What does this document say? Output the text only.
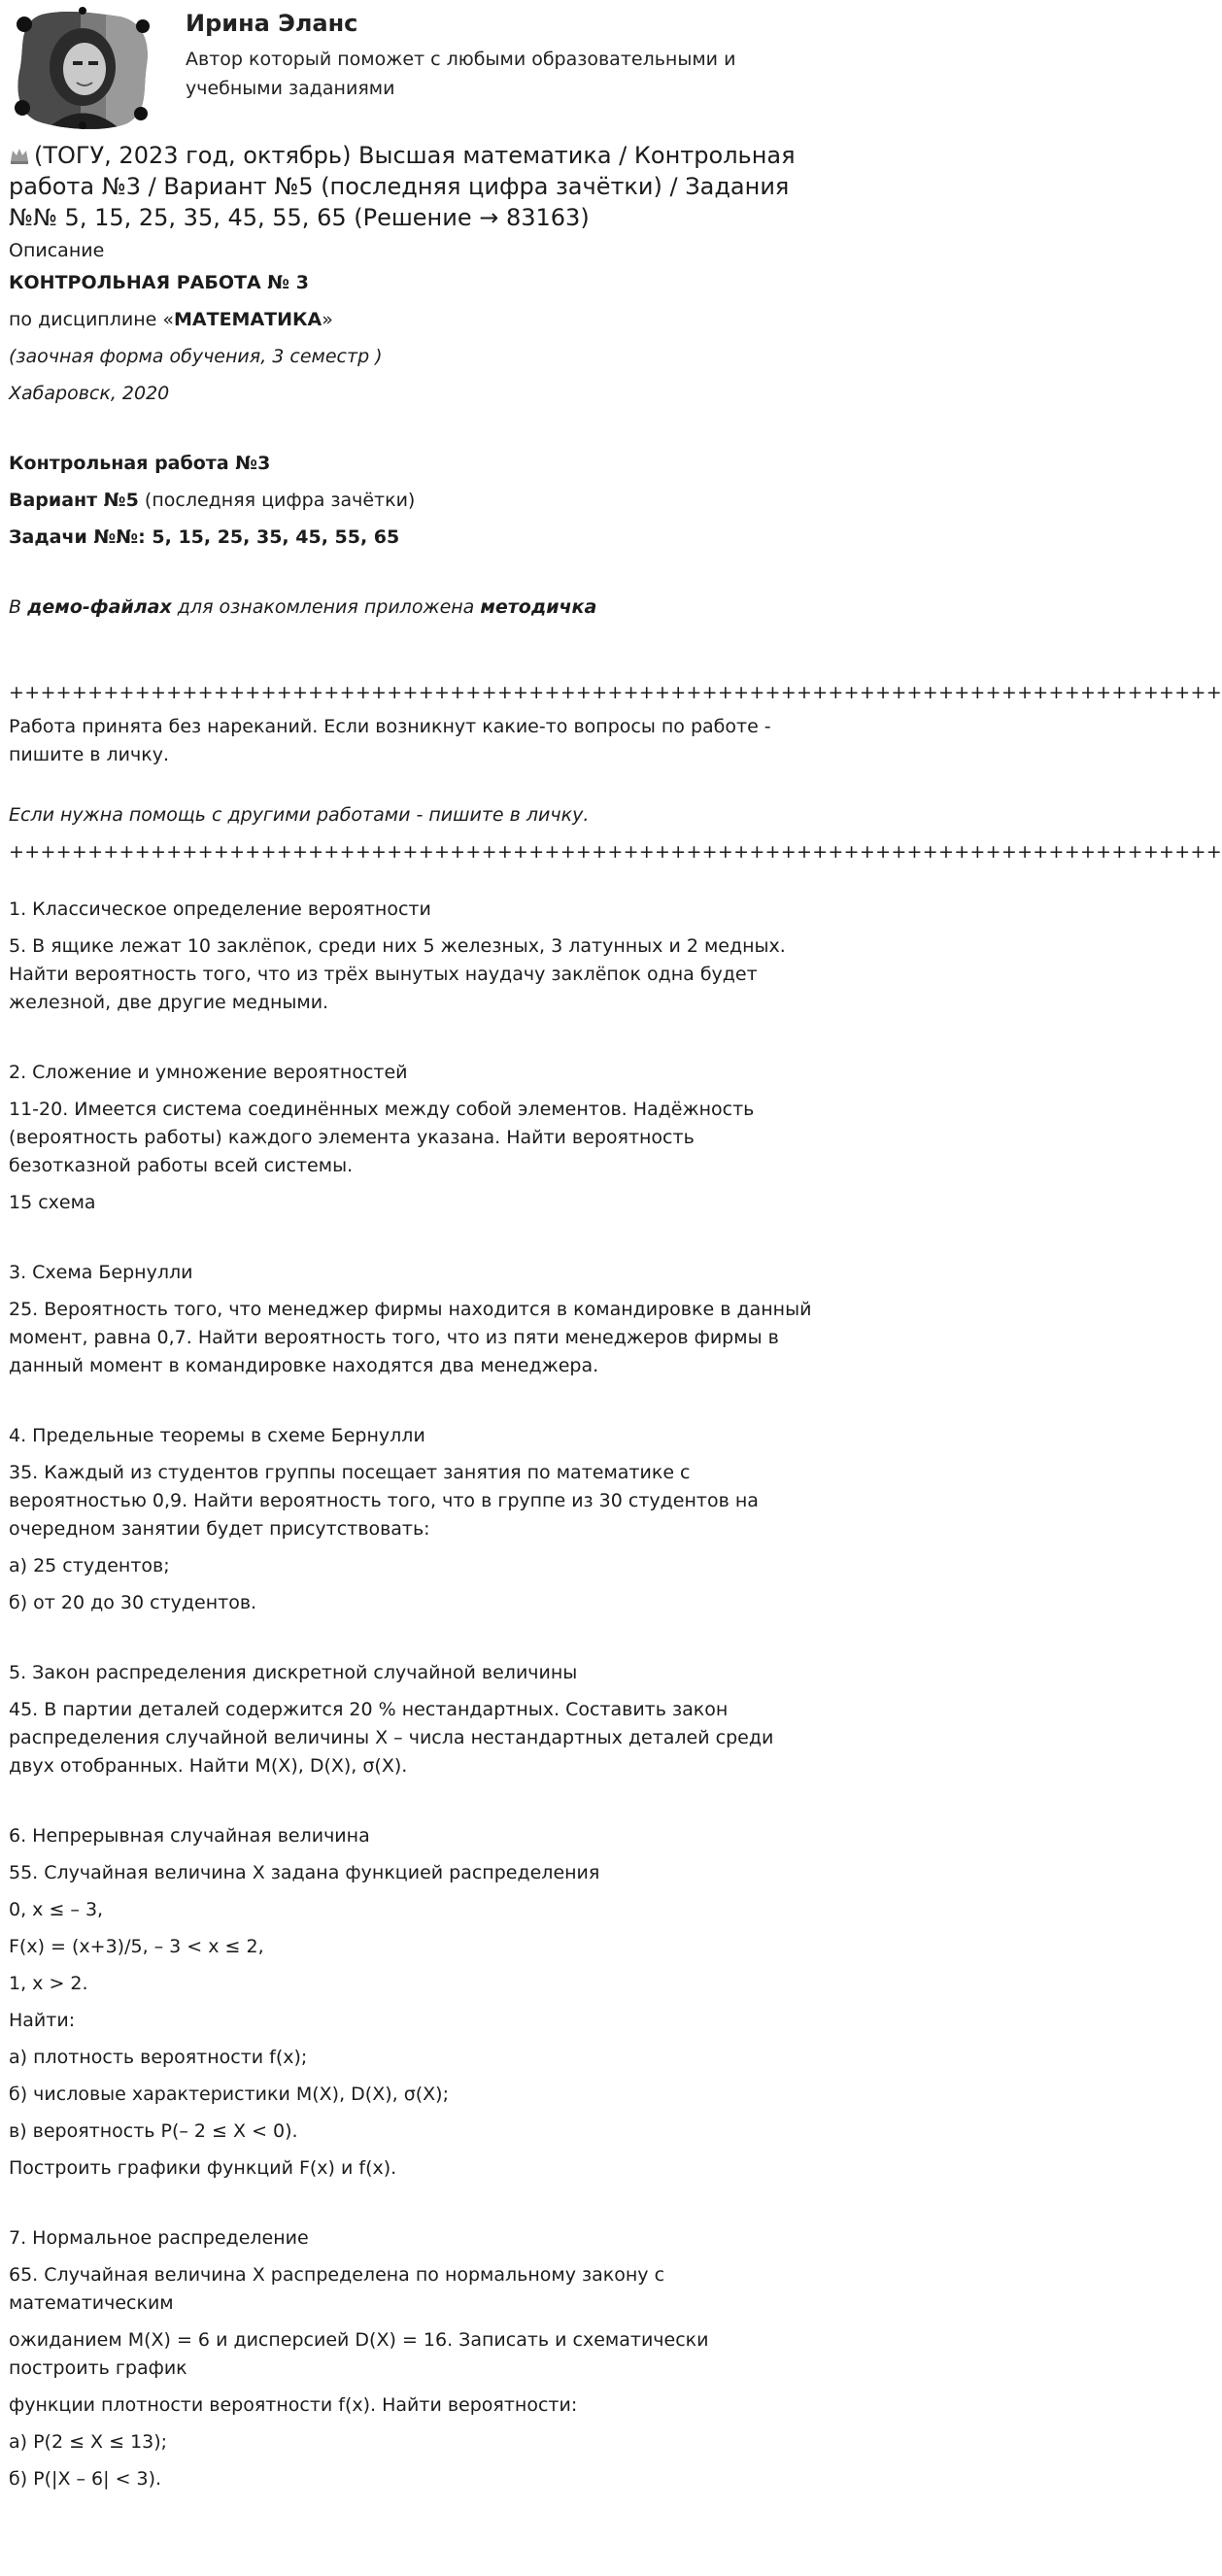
Ирина Эланс
Автор который поможет с любыми образовательными и учебными заданиями
(ТОГУ, 2023 год, октябрь) Высшая математика / Контрольная работа №3 / Вариант №5 (последняя цифра зачётки) / Задания №№ 5, 15, 25, 35, 45, 55, 65 (Решение → 83163)
Описание

КОНТРОЛЬНАЯ РАБОТА № 3

по дисциплине «МАТЕМАТИКА»

(заочная форма обучения, 3 семестр )

Хабаровск, 2020

Контрольная работа №3

Вариант №5 (последняя цифра зачётки)

Задачи №№: 5, 15, 25, 35, 45, 55, 65

В демо-файлах для ознакомления приложена методичка

+++++++++++++++++++++++++++++++++++++++++++++++++++++++++++++++++++++++++++++

Работа принята без нареканий. Если возникнут какие-то вопросы по работе - пишите в личку.

Если нужна помощь с другими работами - пишите в личку.

+++++++++++++++++++++++++++++++++++++++++++++++++++++++++++++++++++++++++++++

1. Классическое определение вероятности

5. В ящике лежат 10 заклёпок, среди них 5 железных, 3 латунных и 2 медных. Найти вероятность того, что из трёх вынутых наудачу заклёпок одна будет железной, две другие медными.

2. Сложение и умножение вероятностей

11-20. Имеется система соединённых между собой элементов. Надёжность (вероятность работы) каждого элемента указана. Найти вероятность безотказной работы всей системы.

15 схема

3. Схема Бернулли

25. Вероятность того, что менеджер фирмы находится в командировке в данный момент, равна 0,7. Найти вероятность того, что из пяти менеджеров фирмы в данный момент в командировке находятся два менеджера.

4. Предельные теоремы в схеме Бернулли

35. Каждый из студентов группы посещает занятия по математике с вероятностью 0,9. Найти вероятность того, что в группе из 30 студентов на очередном занятии будет присутствовать:

а) 25 студентов;

б) от 20 до 30 студентов.

5. Закон распределения дискретной случайной величины

45. В партии деталей содержится 20 % нестандартных. Составить закон распределения случайной величины Х – числа нестандартных деталей среди двух отобранных. Найти M(X), D(X), σ(X).

6. Непрерывная случайная величина

55. Случайная величина Х задана функцией распределения

0, x ≤ – 3,

F(x) = (x+3)/5, – 3 < x ≤ 2,

1, x > 2.

Найти:

а) плотность вероятности f(x);

б) числовые характеристики M(X), D(X), σ(X);

в) вероятность P(– 2 ≤ X < 0).

Построить графики функций F(x) и f(x).

7. Нормальное распределение

65. Случайная величина Х распределена по нормальному закону с математическим

ожиданием M(X) = 6 и дисперсией D(X) = 16. Записать и схематически построить график

функции плотности вероятности f(x). Найти вероятности:

а) P(2 ≤ X ≤ 13);

б) P(|X – 6| < 3).
